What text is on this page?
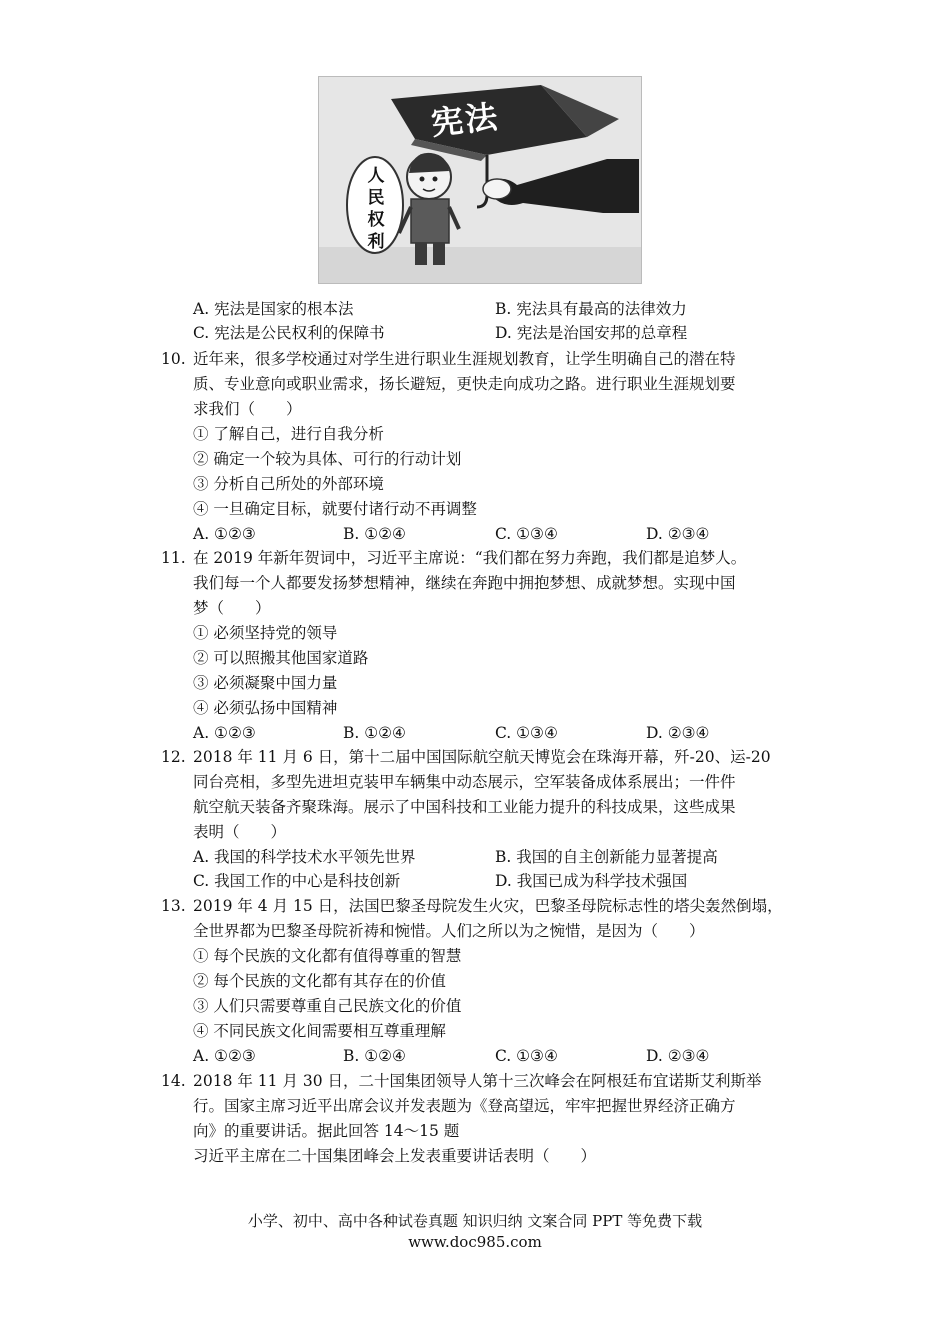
宪法
人
民
权
利
A. 宪法是国家的根本法	B. 宪法具有最高的法律效力
C. 宪法是公民权利的保障书	D. 宪法是治国安邦的总章程
10. 近年来，很多学校通过对学生进行职业生涯规划教育，让学生明确自己的潜在特
质、专业意向或职业需求，扬长避短，更快走向成功之路。进行职业生涯规划要
求我们（　　）
① 了解自己，进行自我分析
② 确定一个较为具体、可行的行动计划
③ 分析自己所处的外部环境
④ 一旦确定目标，就要付诸行动不再调整
A. ①②③	B. ①②④	C. ①③④	D. ②③④
11. 在 2019 年新年贺词中，习近平主席说：“我们都在努力奔跑，我们都是追梦人。
我们每一个人都要发扬梦想精神，继续在奔跑中拥抱梦想、成就梦想。实现中国
梦（　　）
① 必须坚持党的领导
② 可以照搬其他国家道路
③ 必须凝聚中国力量
④ 必须弘扬中国精神
A. ①②③	B. ①②④	C. ①③④	D. ②③④
12. 2018 年 11 月 6 日，第十二届中国国际航空航天博览会在珠海开幕，歼-20、运-20
同台亮相，多型先进坦克装甲车辆集中动态展示，空军装备成体系展出；一件件
航空航天装备齐聚珠海。展示了中国科技和工业能力提升的科技成果，这些成果
表明（　　）
A. 我国的科学技术水平领先世界	B. 我国的自主创新能力显著提高
C. 我国工作的中心是科技创新	D. 我国已成为科学技术强国
13. 2019 年 4 月 15 日，法国巴黎圣母院发生火灾，巴黎圣母院标志性的塔尖轰然倒塌，
全世界都为巴黎圣母院祈祷和惋惜。人们之所以为之惋惜，是因为（　　）
① 每个民族的文化都有值得尊重的智慧
② 每个民族的文化都有其存在的价值
③ 人们只需要尊重自己民族文化的价值
④ 不同民族文化间需要相互尊重理解
A. ①②③	B. ①②④	C. ①③④	D. ②③④
14. 2018 年 11 月 30 日，二十国集团领导人第十三次峰会在阿根廷布宜诺斯艾利斯举
行。国家主席习近平出席会议并发表题为《登高望远，牢牢把握世界经济正确方
向》的重要讲话。据此回答 14～15 题
习近平主席在二十国集团峰会上发表重要讲话表明（　　）
小学、初中、高中各种试卷真题 知识归纳 文案合同 PPT 等免费下载
www.doc985.com
